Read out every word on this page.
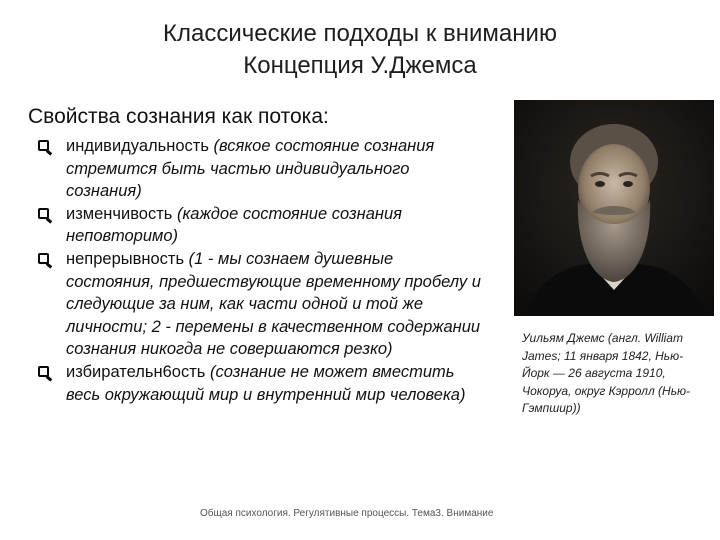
Классические подходы к вниманию
Концепция У.Джемса
Свойства сознания как потока:
индивидуальность (всякое состояние сознания стремится быть частью индивидуального сознания)
изменчивость (каждое состояние сознания неповторимо)
непрерывность (1 - мы сознаем душевные состояния, предшествующие временному пробелу и следующие за ним, как части одной и той же личности; 2 - перемены в качественном содержании сознания никогда не совершаются резко)
избирательн6ость (сознание не может вместить весь окружающий мир и внутренний мир человека)
Уильям Джемс (англ. William James; 11 января 1842, Нью-Йорк — 26 августа 1910, Чокоруа, округ Кэрролл (Нью-Гэмпшир))
Общая психология. Регулятивные процессы. Тема3. Внимание
